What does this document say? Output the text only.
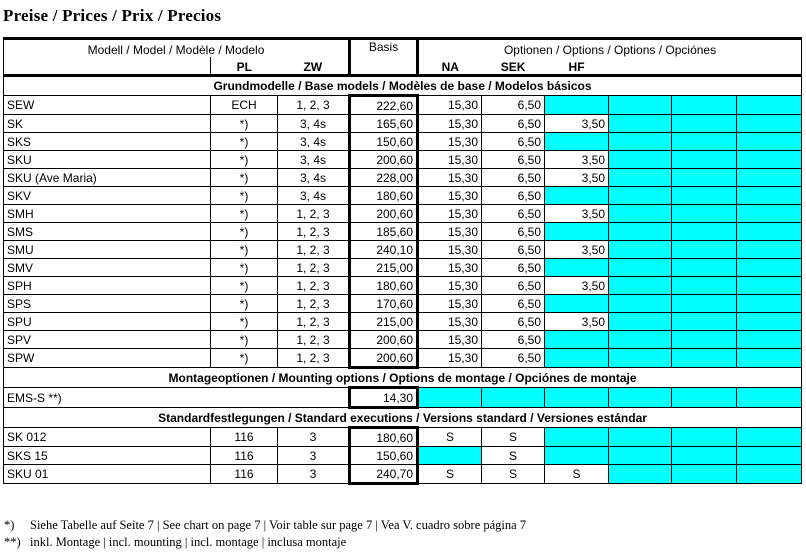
Preise / Prices / Prix / Precios
Modell / Model / Modèle / Modelo			Basis	Optionen / Options / Options / Opciónes					
	PL	ZW		NA	SEK	HF			
Grundmodelle / Base models / Modèles de base / Modelos básicos									
SEW	ECH	1, 2, 3	222,60	15,30	6,50				
SK	*)	3, 4s	165,60	15,30	6,50	3,50			
SKS	*)	3, 4s	150,60	15,30	6,50				
SKU	*)	3, 4s	200,60	15,30	6,50	3,50			
SKU (Ave Maria)	*)	3, 4s	228,00	15,30	6,50	3,50			
SKV	*)	3, 4s	180,60	15,30	6,50				
SMH	*)	1, 2, 3	200,60	15,30	6,50	3,50			
SMS	*)	1, 2, 3	185,60	15,30	6,50				
SMU	*)	1, 2, 3	240,10	15,30	6,50	3,50			
SMV	*)	1, 2, 3	215,00	15,30	6,50				
SPH	*)	1, 2, 3	180,60	15,30	6,50	3,50			
SPS	*)	1, 2, 3	170,60	15,30	6,50				
SPU	*)	1, 2, 3	215,00	15,30	6,50	3,50			
SPV	*)	1, 2, 3	200,60	15,30	6,50				
SPW	*)	1, 2, 3	200,60	15,30	6,50				
Montageoptionen / Mounting options / Options de montage / Opciónes de montaje									
EMS-S **)			14,30						
Standardfestlegungen / Standard executions / Versions standard / Versiones estándar									
SK 012	116	3	180,60	S	S				
SKS 15	116	3	150,60		S				
SKU 01	116	3	240,70	S	S	S			
*) Siehe Tabelle auf Seite 7 | See chart on page 7 | Voir table sur page 7 | Vea V. cuadro sobre página 7
**) inkl. Montage | incl. mounting | incl. montage | inclusa montaje
